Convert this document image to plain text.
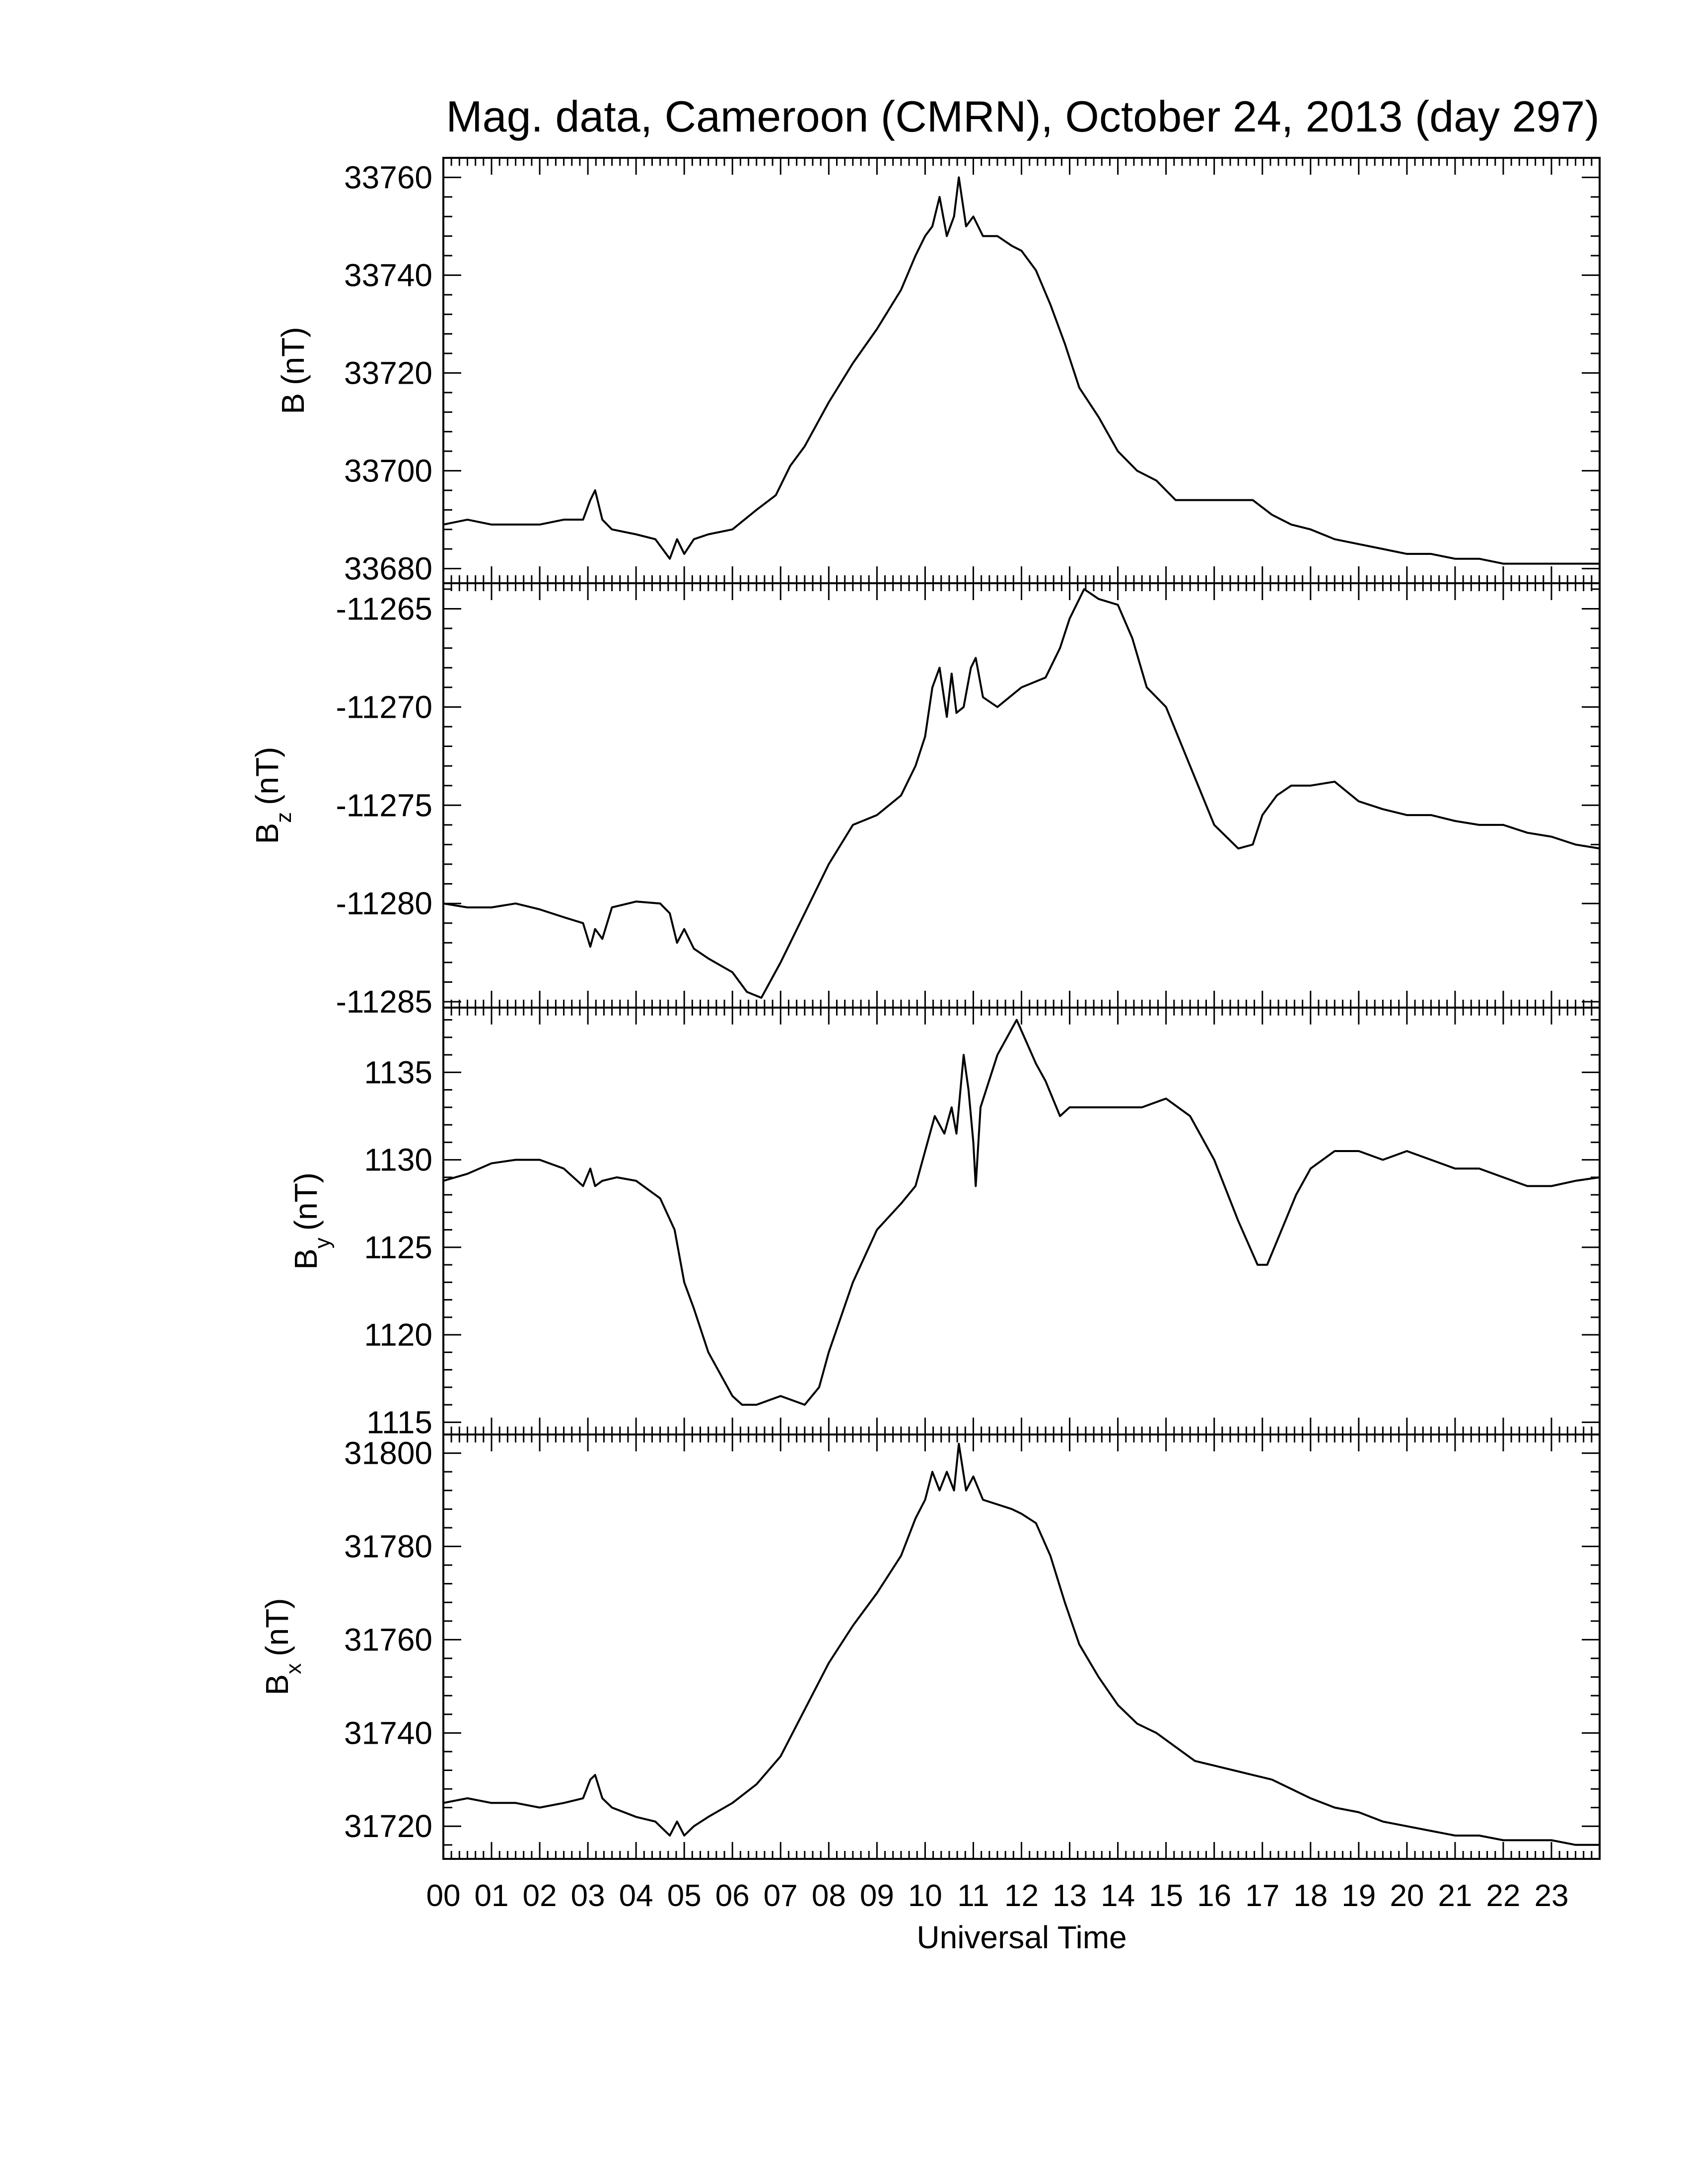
Mag. data, Cameroon (CMRN), October 24, 2013 (day 297)
33680
33700
33720
33740
33760
B(nT)
-11285
-11280
-11275
-11270
-11265
$B_z(nT)$
1115
1120
1125
1130
1135
$B_y(nT)$
31720
31740
31760
31780
31800
$B_x(nT)$
00 01 02 03 04 05 06 07 08 09 10 11 12 13 14 15 16 17 18 19 20 21 22 23
Universal Time
